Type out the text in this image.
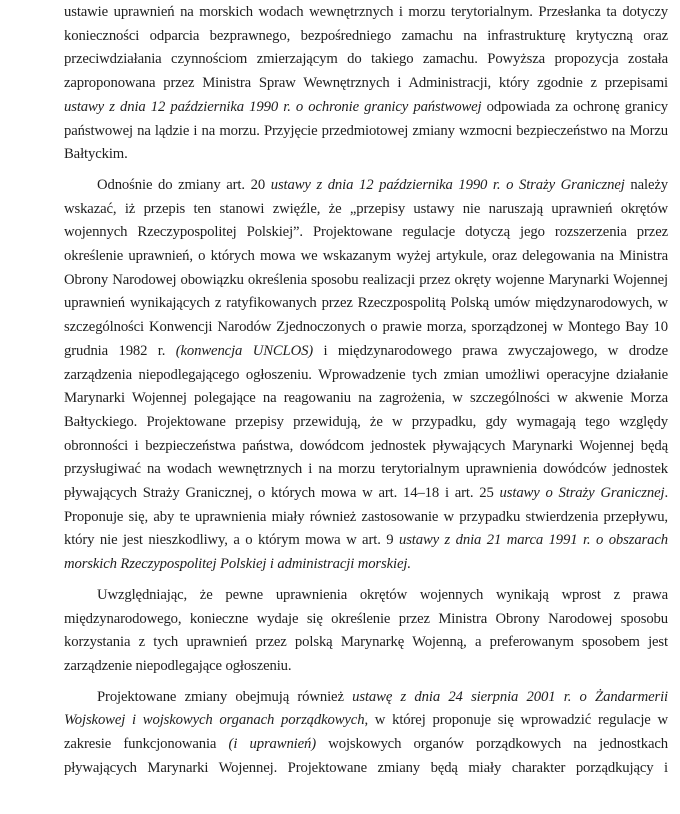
ustawie uprawnień na morskich wodach wewnętrznych i morzu terytorialnym. Przesłanka ta dotyczy konieczności odparcia bezprawnego, bezpośredniego zamachu na infrastrukturę krytyczną oraz przeciwdziałania czynnościom zmierzającym do takiego zamachu. Powyższa propozycja została zaproponowana przez Ministra Spraw Wewnętrznych i Administracji, który zgodnie z przepisami ustawy z dnia 12 października 1990 r. o ochronie granicy państwowej odpowiada za ochronę granicy państwowej na lądzie i na morzu. Przyjęcie przedmiotowej zmiany wzmocni bezpieczeństwo na Morzu Bałtyckim.

Odnośnie do zmiany art. 20 ustawy z dnia 12 października 1990 r. o Straży Granicznej należy wskazać, iż przepis ten stanowi zwięźle, że „przepisy ustawy nie naruszają uprawnień okrętów wojennych Rzeczypospolitej Polskiej”. Projektowane regulacje dotyczą jego rozszerzenia przez określenie uprawnień, o których mowa we wskazanym wyżej artykule, oraz delegowania na Ministra Obrony Narodowej obowiązku określenia sposobu realizacji przez okręty wojenne Marynarki Wojennej uprawnień wynikających z ratyfikowanych przez Rzeczpospolitą Polską umów międzynarodowych, w szczególności Konwencji Narodów Zjednoczonych o prawie morza, sporządzonej w Montego Bay 10 grudnia 1982 r. (konwencja UNCLOS) i międzynarodowego prawa zwyczajowego, w drodze zarządzenia niepodlegającego ogłoszeniu. Wprowadzenie tych zmian umożliwi operacyjne działanie Marynarki Wojennej polegające na reagowaniu na zagrożenia, w szczególności w akwenie Morza Bałtyckiego. Projektowane przepisy przewidują, że w przypadku, gdy wymagają tego względy obronności i bezpieczeństwa państwa, dowódcom jednostek pływających Marynarki Wojennej będą przysługiwać na wodach wewnętrznych i na morzu terytorialnym uprawnienia dowódców jednostek pływających Straży Granicznej, o których mowa w art. 14–18 i art. 25 ustawy o Straży Granicznej. Proponuje się, aby te uprawnienia miały również zastosowanie w przypadku stwierdzenia przepływu, który nie jest nieszkodliwy, a o którym mowa w art. 9 ustawy z dnia 21 marca 1991 r. o obszarach morskich Rzeczypospolitej Polskiej i administracji morskiej.

Uwzględniając, że pewne uprawnienia okrętów wojennych wynikają wprost z prawa międzynarodowego, konieczne wydaje się określenie przez Ministra Obrony Narodowej sposobu korzystania z tych uprawnień przez polską Marynarkę Wojenną, a preferowanym sposobem jest zarządzenie niepodlegające ogłoszeniu.

Projektowane zmiany obejmują również ustawę z dnia 24 sierpnia 2001 r. o Żandarmerii Wojskowej i wojskowych organach porządkowych, w której proponuje się wprowadzić regulacje w zakresie funkcjonowania (i uprawnień) wojskowych organów porządkowych na jednostkach pływających Marynarki Wojennej. Projektowane zmiany będą miały charakter porządkujący i
